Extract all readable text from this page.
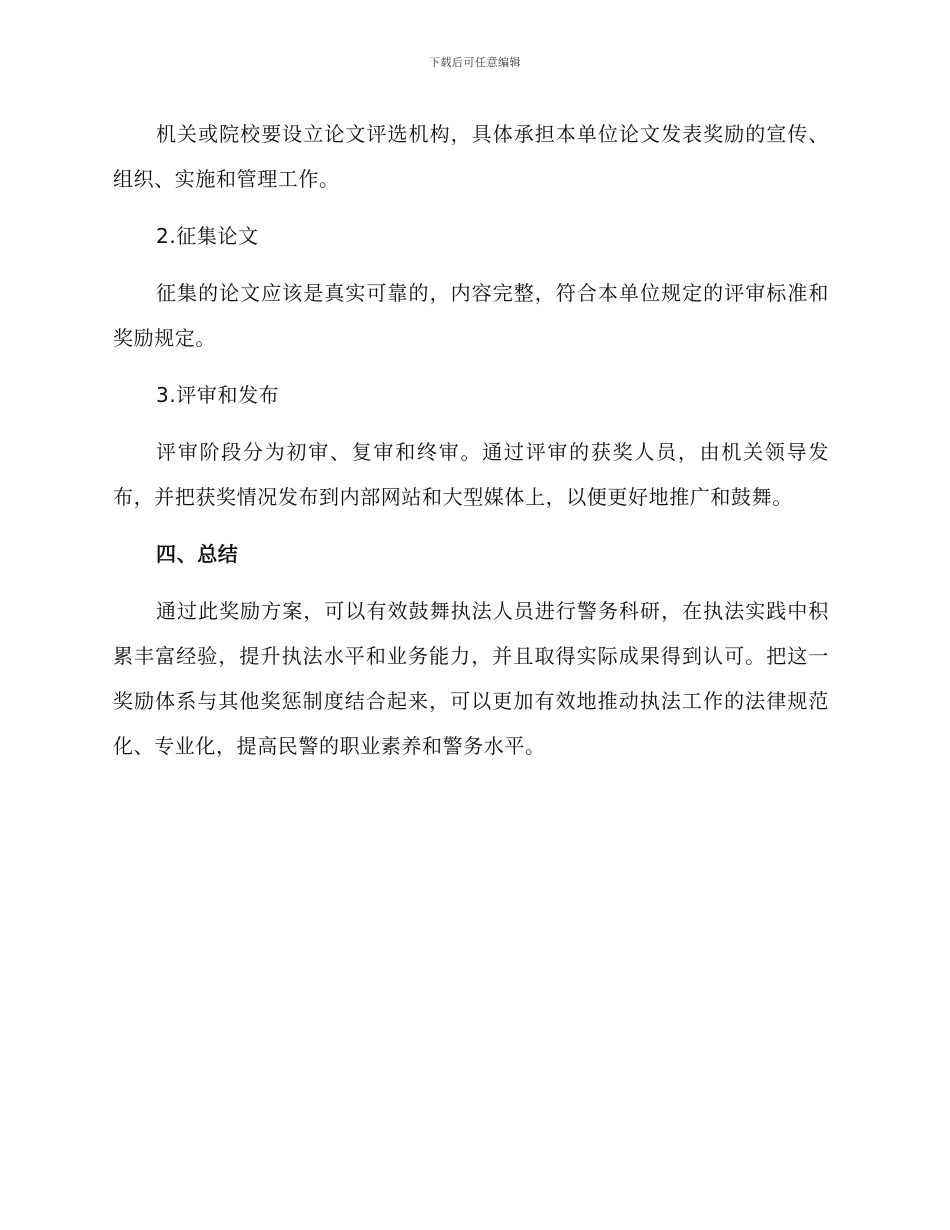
下载后可任意编辑

机关或院校要设立论文评选机构，具体承担本单位论文发表奖励的宣传、组织、实施和管理工作。

2.征集论文

征集的论文应该是真实可靠的，内容完整，符合本单位规定的评审标准和奖励规定。

3.评审和发布

评审阶段分为初审、复审和终审。通过评审的获奖人员，由机关领导发布，并把获奖情况发布到内部网站和大型媒体上，以便更好地推广和鼓舞。

四、总结

通过此奖励方案，可以有效鼓舞执法人员进行警务科研，在执法实践中积累丰富经验，提升执法水平和业务能力，并且取得实际成果得到认可。把这一奖励体系与其他奖惩制度结合起来，可以更加有效地推动执法工作的法律规范化、专业化，提高民警的职业素养和警务水平。
